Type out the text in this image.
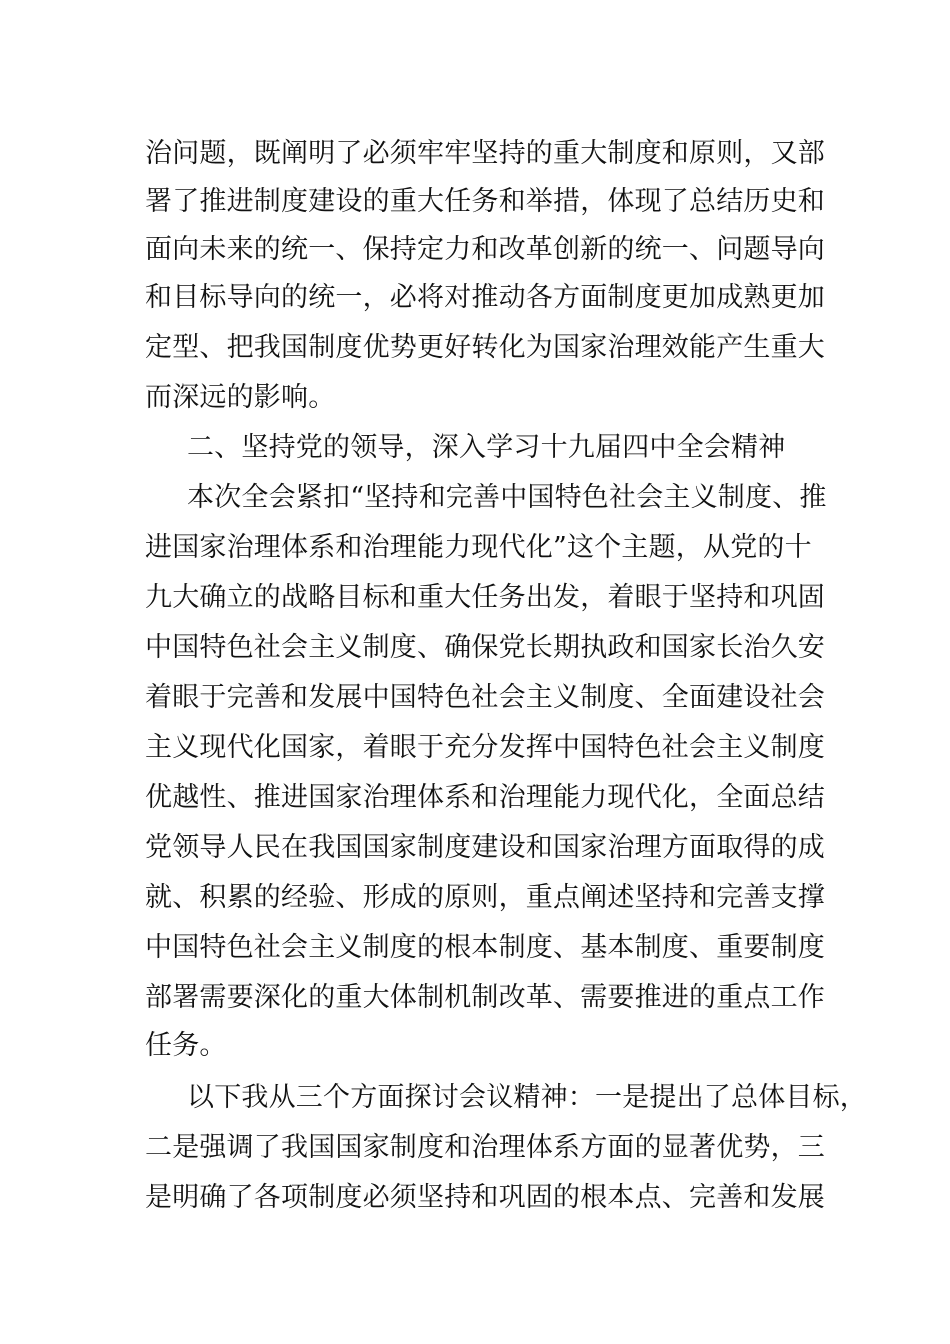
治问题，既阐明了必须牢牢坚持的重大制度和原则，又部
署了推进制度建设的重大任务和举措，体现了总结历史和
面向未来的统一、保持定力和改革创新的统一、问题导向
和目标导向的统一，必将对推动各方面制度更加成熟更加
定型、把我国制度优势更好转化为国家治理效能产生重大
而深远的影响。
二、坚持党的领导，深入学习十九届四中全会精神
本次全会紧扣“坚持和完善中国特色社会主义制度、推
进国家治理体系和治理能力现代化”这个主题，从党的十
九大确立的战略目标和重大任务出发，着眼于坚持和巩固
中国特色社会主义制度、确保党长期执政和国家长治久安
着眼于完善和发展中国特色社会主义制度、全面建设社会
主义现代化国家，着眼于充分发挥中国特色社会主义制度
优越性、推进国家治理体系和治理能力现代化，全面总结
党领导人民在我国国家制度建设和国家治理方面取得的成
就、积累的经验、形成的原则，重点阐述坚持和完善支撑
中国特色社会主义制度的根本制度、基本制度、重要制度
部署需要深化的重大体制机制改革、需要推进的重点工作
任务。
以下我从三个方面探讨会议精神：一是提出了总体目标，
二是强调了我国国家制度和治理体系方面的显著优势，三
是明确了各项制度必须坚持和巩固的根本点、完善和发展
